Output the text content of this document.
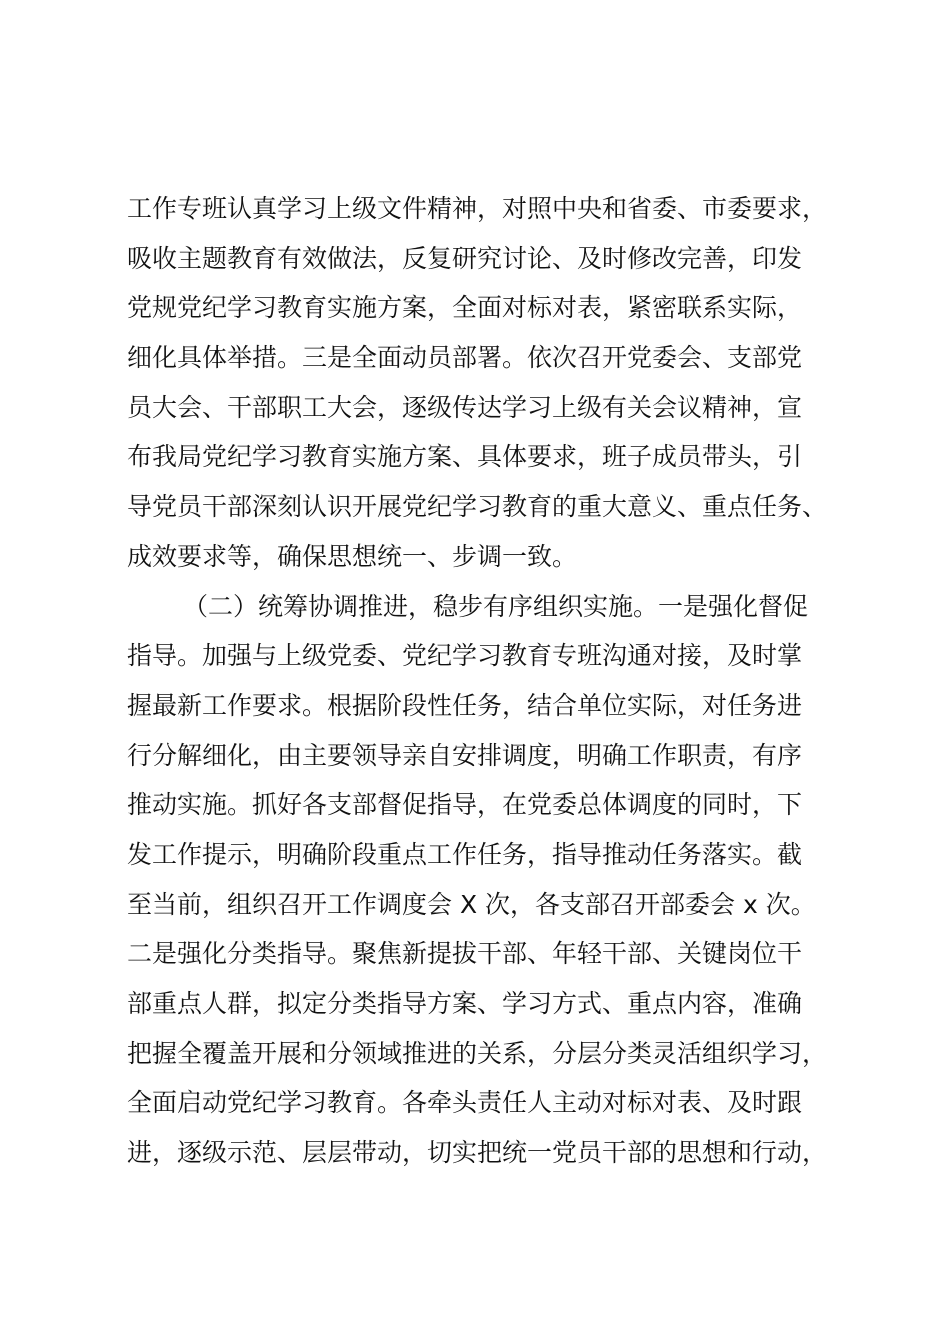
工作专班认真学习上级文件精神，对照中央和省委、市委要求，
吸收主题教育有效做法，反复研究讨论、及时修改完善，印发
党规党纪学习教育实施方案，全面对标对表，紧密联系实际，
细化具体举措。三是全面动员部署。依次召开党委会、支部党
员大会、干部职工大会，逐级传达学习上级有关会议精神，宣
布我局党纪学习教育实施方案、具体要求，班子成员带头，引
导党员干部深刻认识开展党纪学习教育的重大意义、重点任务、
成效要求等，确保思想统一、步调一致。
（二）统筹协调推进，稳步有序组织实施。一是强化督促
指导。加强与上级党委、党纪学习教育专班沟通对接，及时掌
握最新工作要求。根据阶段性任务，结合单位实际，对任务进
行分解细化，由主要领导亲自安排调度，明确工作职责，有序
推动实施。抓好各支部督促指导，在党委总体调度的同时，下
发工作提示，明确阶段重点工作任务，指导推动任务落实。截
至当前，组织召开工作调度会 X 次，各支部召开部委会 x 次。
二是强化分类指导。聚焦新提拔干部、年轻干部、关键岗位干
部重点人群，拟定分类指导方案、学习方式、重点内容，准确
把握全覆盖开展和分领域推进的关系，分层分类灵活组织学习，
全面启动党纪学习教育。各牵头责任人主动对标对表、及时跟
进，逐级示范、层层带动，切实把统一党员干部的思想和行动，
